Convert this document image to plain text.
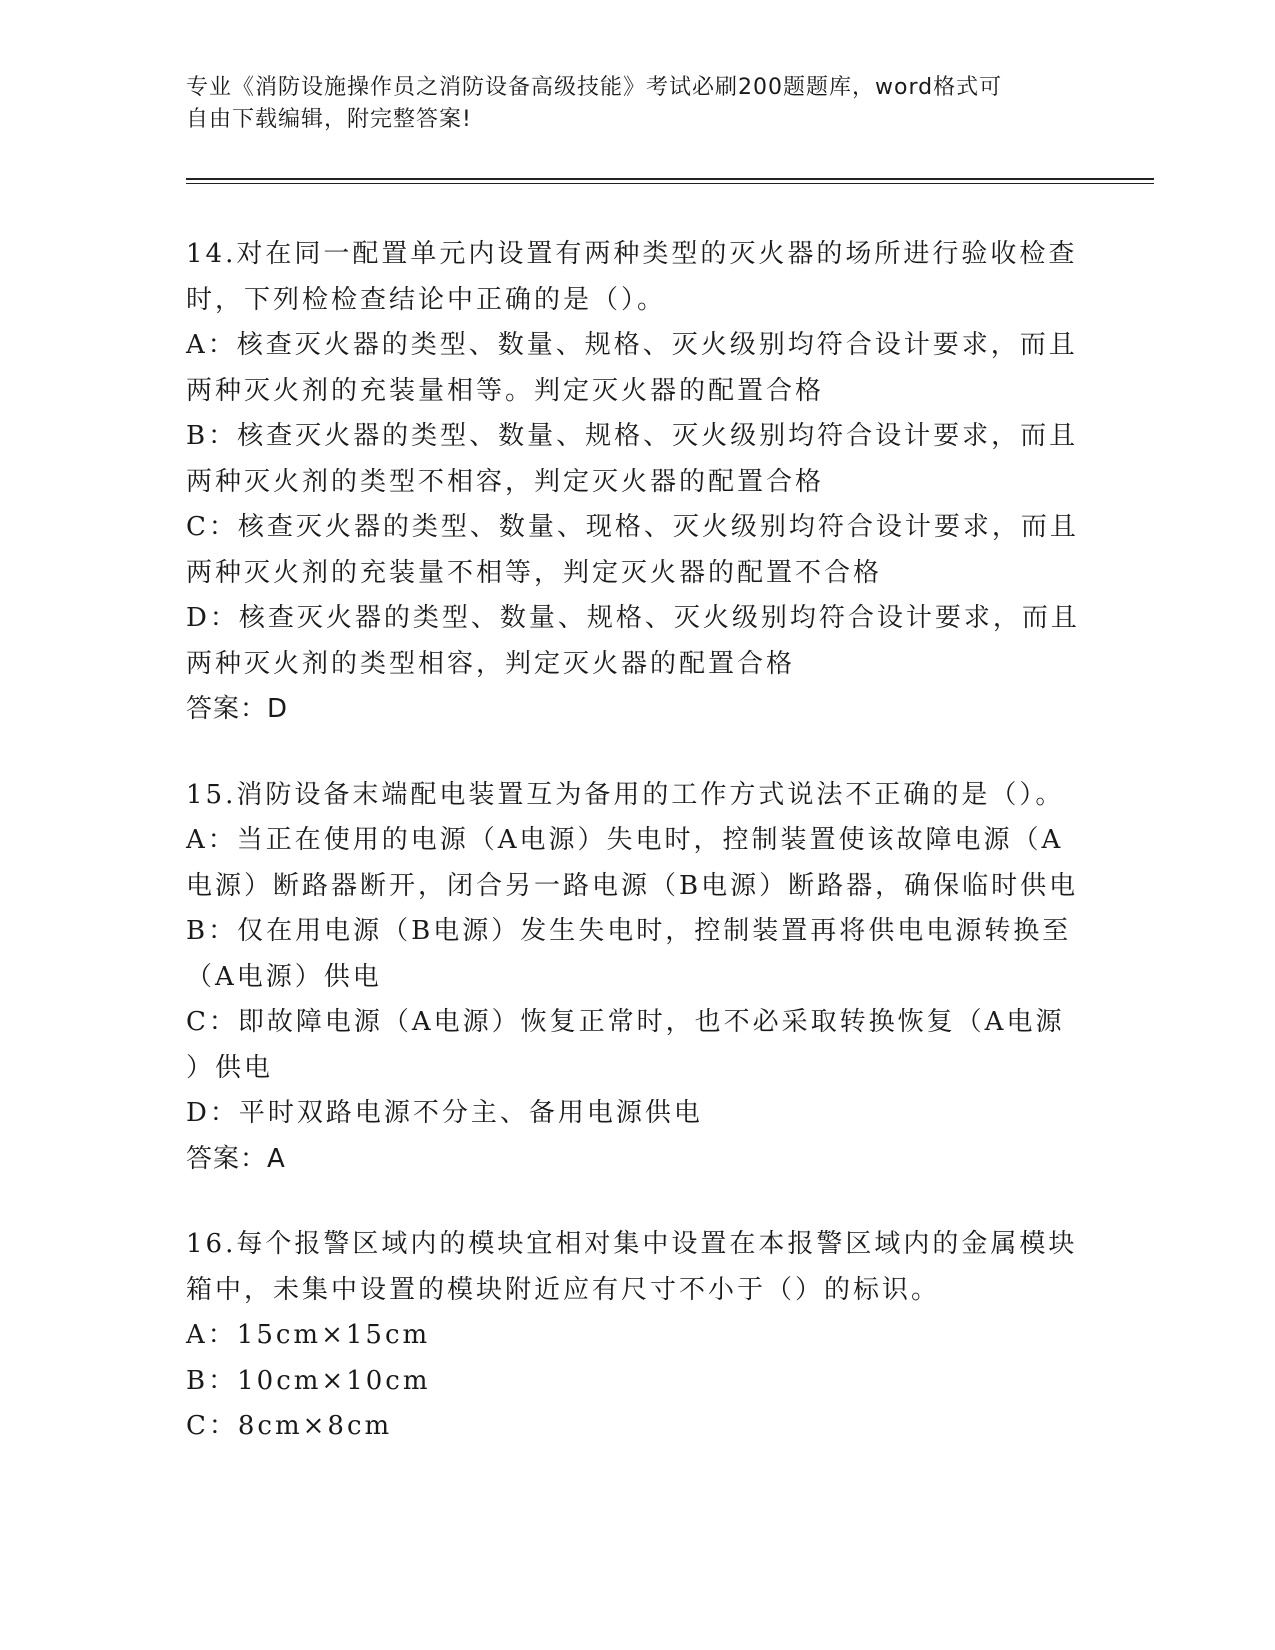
专业《消防设施操作员之消防设备高级技能》考试必刷200题题库，word格式可
自由下载编辑，附完整答案!

14.对在同一配置单元内设置有两种类型的灭火器的场所进行验收检查

时，下列检检查结论中正确的是（）。

A：核查灭火器的类型、数量、规格、灭火级别均符合设计要求，而且

两种灭火剂的充装量相等。判定灭火器的配置合格

B：核查灭火器的类型、数量、规格、灭火级别均符合设计要求，而且

两种灭火剂的类型不相容，判定灭火器的配置合格

C：核查灭火器的类型、数量、现格、灭火级别均符合设计要求，而且

两种灭火剂的充装量不相等，判定灭火器的配置不合格

D：核查灭火器的类型、数量、规格、灭火级别均符合设计要求，而且

两种灭火剂的类型相容，判定灭火器的配置合格

答案：D

15.消防设备末端配电装置互为备用的工作方式说法不正确的是（）。

A：当正在使用的电源（A电源）失电时，控制装置使该故障电源（A

电源）断路器断开，闭合另一路电源（B电源）断路器，确保临时供电

B：仅在用电源（B电源）发生失电时，控制装置再将供电电源转换至

（A电源）供电

C：即故障电源（A电源）恢复正常时，也不必采取转换恢复（A电源

）供电

D：平时双路电源不分主、备用电源供电

答案：A

16.每个报警区域内的模块宜相对集中设置在本报警区域内的金属模块

箱中，未集中设置的模块附近应有尺寸不小于（）的标识。

A：15cm×15cm

B：10cm×10cm

C：8cm×8cm
